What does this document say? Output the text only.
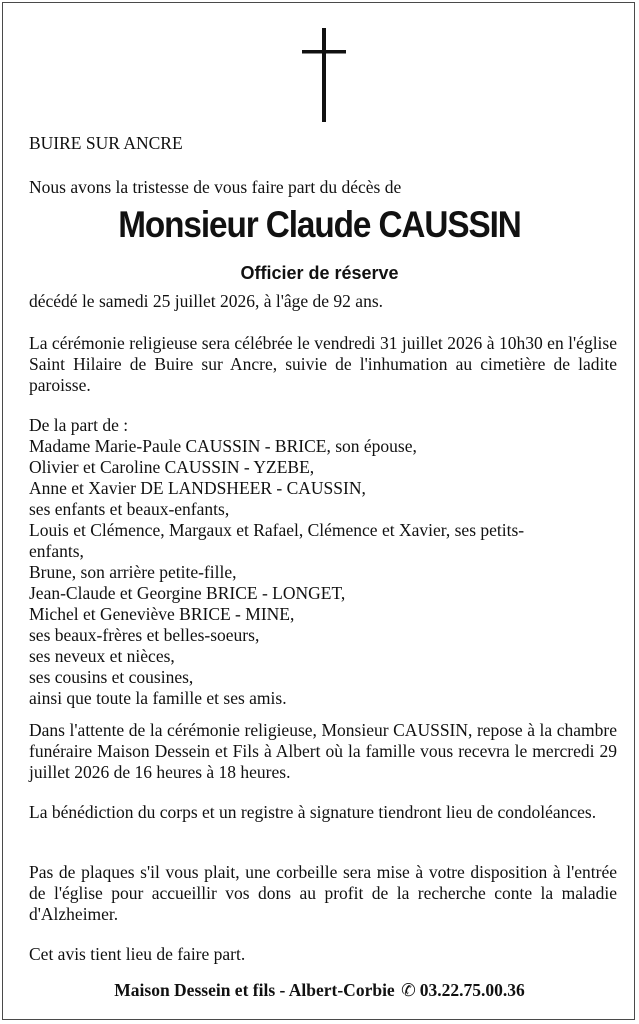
BUIRE SUR ANCRE

Nous avons la tristesse de vous faire part du décès de

Monsieur Claude CAUSSIN
Officier de réserve

décédé le samedi 25 juillet 2026, à l'âge de 92 ans.

La cérémonie religieuse sera célébrée le vendredi 31 juillet 2026 à 10h30 en l'église Saint Hilaire de Buire sur Ancre, suivie de l'inhumation au cimetière de ladite paroisse.

De la part de :
Madame Marie-Paule CAUSSIN - BRICE, son épouse,
Olivier et Caroline CAUSSIN - YZEBE,
Anne et Xavier DE LANDSHEER - CAUSSIN,
ses enfants et beaux-enfants,
Louis et Clémence, Margaux et Rafael, Clémence et Xavier, ses petits-
enfants,
Brune, son arrière petite-fille,
Jean-Claude et Georgine BRICE - LONGET,
Michel et Geneviève BRICE - MINE,
ses beaux-frères et belles-soeurs,
ses neveux et nièces,
ses cousins et cousines,
ainsi que toute la famille et ses amis.

Dans l'attente de la cérémonie religieuse, Monsieur CAUSSIN, repose à la chambre funéraire Maison Dessein et Fils à Albert où la famille vous recevra le mercredi 29 juillet 2026 de 16 heures à 18 heures.

La bénédiction du corps et un registre à signature tiendront lieu de condoléances.

Pas de plaques s'il vous plait, une corbeille sera mise à votre disposition à l'entrée de l'église pour accueillir vos dons au profit de la recherche conte la maladie d'Alzheimer.

Cet avis tient lieu de faire part.

Maison Dessein et fils - Albert-Corbie ✆ 03.22.75.00.36
